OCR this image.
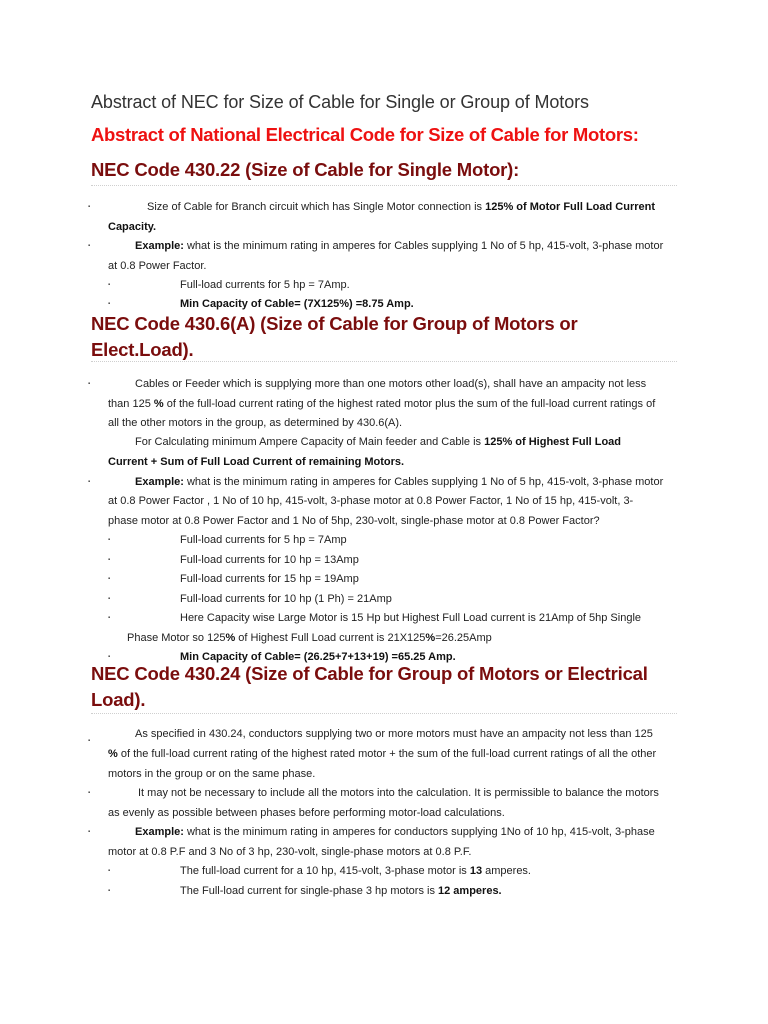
Abstract of NEC for Size of Cable for Single or Group of Motors
Abstract of National Electrical Code for Size of Cable for Motors:
NEC Code 430.22 (Size of Cable for Single Motor):
▪	Size of Cable for Branch circuit which has Single Motor connection is 125% of Motor Full Load Current
Capacity.
▪	Example: what is the minimum rating in amperes for Cables supplying 1 No of 5 hp, 415-volt, 3-phase motor
at 0.8 Power Factor.
▪	Full-load currents for 5 hp = 7Amp.
▪	Min Capacity of Cable= (7X125%) =8.75 Amp.
NEC Code 430.6(A) (Size of Cable for Group of Motors or
Elect.Load).
▪	Cables or Feeder which is supplying more than one motors other load(s), shall have an ampacity not less
than 125 % of the full-load current rating of the highest rated motor plus the sum of the full-load current ratings of
all the other motors in the group, as determined by 430.6(A).
For Calculating minimum Ampere Capacity of Main feeder and Cable is 125% of Highest Full Load
Current + Sum of Full Load Current of remaining Motors.
▪	Example: what is the minimum rating in amperes for Cables supplying 1 No of 5 hp, 415-volt, 3-phase motor
at 0.8 Power Factor , 1 No of 10 hp, 415-volt, 3-phase motor at 0.8 Power Factor, 1 No of 15 hp, 415-volt, 3-
phase motor at 0.8 Power Factor and 1 No of 5hp, 230-volt, single-phase motor at 0.8 Power Factor?
▪	Full-load currents for 5 hp = 7Amp
▪	Full-load currents for 10 hp = 13Amp
▪	Full-load currents for 15 hp = 19Amp
▪	Full-load currents for 10 hp (1 Ph) = 21Amp
▪	Here Capacity wise Large Motor is 15 Hp but Highest Full Load current is 21Amp of 5hp Single
Phase Motor so 125% of Highest Full Load current is 21X125%=26.25Amp
▪	Min Capacity of Cable= (26.25+7+13+19) =65.25 Amp.
NEC Code 430.24 (Size of Cable for Group of Motors or Electrical
Load).
▪
As specified in 430.24, conductors supplying two or more motors must have an ampacity not less than 125
% of the full-load current rating of the highest rated motor + the sum of the full-load current ratings of all the other
motors in the group or on the same phase.
▪	It may not be necessary to include all the motors into the calculation. It is permissible to balance the motors
as evenly as possible between phases before performing motor-load calculations.
▪	Example: what is the minimum rating in amperes for conductors supplying 1No of 10 hp, 415-volt, 3-phase
motor at 0.8 P.F and 3 No of 3 hp, 230-volt, single-phase motors at 0.8 P.F.
▪	The full-load current for a 10 hp, 415-volt, 3-phase motor is 13 amperes.
▪	The Full-load current for single-phase 3 hp motors is 12 amperes.
